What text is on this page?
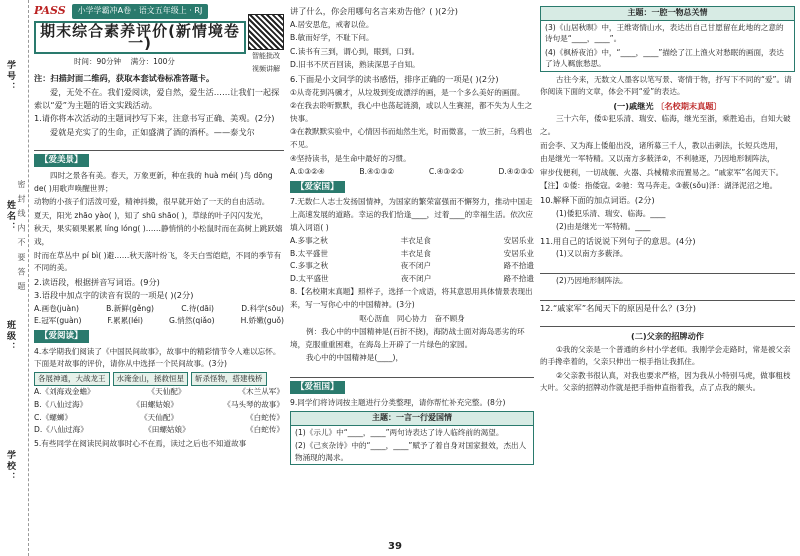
学号：
姓名：
班级：
学校：
密 封 线 内 不 要 答 题
PASS	小学学霸冲A卷 · 语文五年级上 · RJ
期末综合素养评价(新情境卷一)
智能批改 视频讲解
时间：90分钟 满分：100分
注：扫描封面二维码，获取本套试卷标准答题卡。
爱，无处不在。我们爱阅读，爱自然，爱生活……让我们一起探索以“爱”为主题的语文实践活动。
1.请你将本次活动的主题词抄写下来，注意书写正确、美观。(2分)
爱就是充实了的生命，正如盛满了酒的酒杯。——泰戈尔
【爱美景】
四时之景各有美。春天，万象更新，种在我的 huà méi( )鸟 dōng de( )用歌声唤醒世界；
动物的小孩子们活泼可爱，精神抖擞，很早就开始了一天的自由活动。
夏天，阳光 zhāo yào( )，知了 shū shāo( )，草绿的叶子闪闪发光，
秋天，果实硕果累累 líng lóng( )……静悄悄的小松鼠时而在高树上跳跃嬉戏，
时而在草丛中 pí bì( )避……秋天落叶纷飞，冬天白雪皑皑，不同的季节有不同的美。
2.读语段，根据拼音写词语。(9分)
3.语段中加点字的读音有误的一项是( )(2分)
A.画卷(juàn)	B.新鲜(gěng)	C.待(dāi)	D.科学(sōu)
E.冠军(guàn)	F.累累(léi)	G.悄然(qiǎo)	H.娇嫩(guǒ)
【爱阅读】
4.本学期我们阅读了《中国民间故事》，故事中的精彩情节令人难以忘怀。下面是对故事的评价，请你从中选择一个民间故事。(3分)
各展神通，大战龙王	水淹金山，拯救恒星	斩杀怪物，搭建栈桥
A.《刘海戏金蟾》	《天仙配》	《木兰从军》
B.《八仙过海》	《田螺姑娘》	《马头琴的故事》
C.《螺蛳》	《天仙配》	《白蛇传》
D.《八仙过海》	《田螺姑娘》	《白蛇传》
5.有些同学在阅读民间故事时心不在焉，读过之后也不知道故事
讲了什么，你会用哪句名言来劝告他？( )(2分)
A.居安思危，戒奢以俭。
B.敏而好学，不耻下问。
C.读书有三到，谓心到，眼到，口到。
D.旧书不厌百回读，熟读深思子自知。
6.下面是小文同学的读书感悟，排序正确的一项是( )(2分)
①从奇花到冯骥才，从垃圾到变成漂浮的画，是一个多么美好的画面。
②在我去聆听默默，我心中也荡起涟漪，或以人生赛涯，都不失为人生之快事。
③在教默默实验中，心情因书而灿然生光，时而微喜，一放三折，乌鸦也不见。
④坚持读书，是生命中最好的习惯。
A.①③②④	B.④①③②	C.④③②①	D.④②③①
【爱家国】
7.无数仁人志士发扬国情神，为国家的繁荣富强而不懈努力，推动中国走上高速发展的道路。幸运的我们恰逢____，过着____的幸福生活。依次应填入词语( )
A.多事之秋	丰衣足食	安居乐业
B.太平盛世	丰衣足食	安居乐业
C.多事之秋	夜不闭户	路不拾遗
D.太平盛世	夜不闭户	路不拾遗
8.【名校期末真题】照样子，选择一个成语，将其意思用具体情景表现出来，写一写你心中的中国精神。(3分)
呕心沥血 同心协力 奋不顾身
例：我心中的中国精神是(百折不挠)，海防战士面对海岛恶劣的环境，克服重重困难，在海岛上开辟了一片绿色的家园。
我心中的中国精神是(____)，
【爱祖国】
9.同学们将诗词按主题进行分类整理，请你帮忙补充完整。(8分)
主题：一言一行爱国情
(1)《示儿》中“____，____”两句诗表达了诗人临终前的渴望。
(2)《己亥杂诗》中的“____，____”赋予了着自身对国家报效，杰出人物涌现的渴求。
主题：一腔一物总关情
(3)《山居秋暝》中，王维寄情山水，表达出自己甘愿留在此地的之意的诗句是“____，____”。
(4)《枫桥夜泊》中，“____，____”描绘了江上渔火对愁眠的画面，表达了诗人羁旅愁思。
古往今来，无数文人墨客以笔写景、寄情于物，抒写下不同的“爱”。请你阅读下面的文章，体会不同“爱”的表达。
(一)戚继光 〔名校期末真题〕
三十六年，倭①犯乐清、瑞安、临海，继光至浙，乘胜追击，自知大破之。
而会李、又为海上倭船出没，诸所募三千人，教以击刺法，长短兵迭用，
由是继光一军特精。又以南方多薮泽②，不利驰逐，乃因地形制阵法，
审步伐便利，一切战舰、火器、兵械精求而置易之。“戚家军”名闻天下。
【注】①倭：指倭寇。②驰：驾马奔走。③薮(sǒu)泽：湖泽泥沼之地。
10.解释下面的加点词语。(2分)
(1)倭犯乐清、瑞安、临海。____
(2)由是继光一军特精。____
11.用自己的话说说下列句子的意思。(4分)
(1)又以南方多薮泽。
(2)乃因地形制阵法。
12.“戚家军”名闻天下的原因是什么？(3分)
(二)父亲的招牌动作
①我的父亲是一个普通的乡村小学老师。我刚学会走路时，常是被父亲的手搀牵着的，父亲只伸出一根手指让我抓住。
②父亲教书很认真，对我也要求严格，因为我从小特别马虎，做事粗枝大叶。父亲的招牌动作就是把手指伸直指着我，点了点我的额头。
39
